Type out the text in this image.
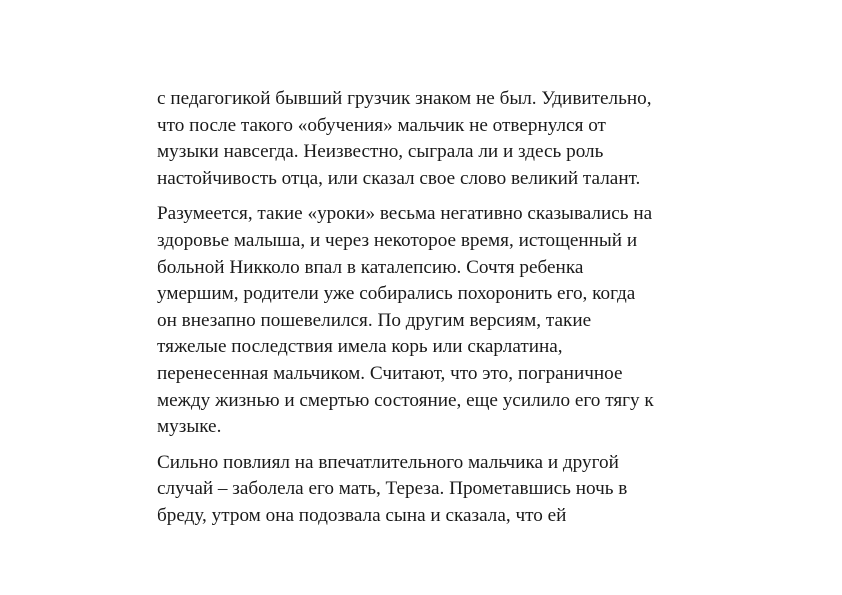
с педагогикой бывший грузчик знаком не был. Удивительно,
что после такого «обучения» мальчик не отвернулся от
музыки навсегда. Неизвестно, сыграла ли и здесь роль
настойчивость отца, или сказал свое слово великий талант.

Разумеется, такие «уроки» весьма негативно сказывались на
здоровье малыша, и через некоторое время, истощенный и
больной Никколо впал в каталепсию. Сочтя ребенка
умершим, родители уже собирались похоронить его, когда
он внезапно пошевелился. По другим версиям, такие
тяжелые последствия имела корь или скарлатина,
перенесенная мальчиком. Считают, что это, пограничное
между жизнью и смертью состояние, еще усилило его тягу к
музыке.

Сильно повлиял на впечатлительного мальчика и другой
случай – заболела его мать, Тереза. Прометавшись ночь в
бреду, утром она подозвала сына и сказала, что ей
